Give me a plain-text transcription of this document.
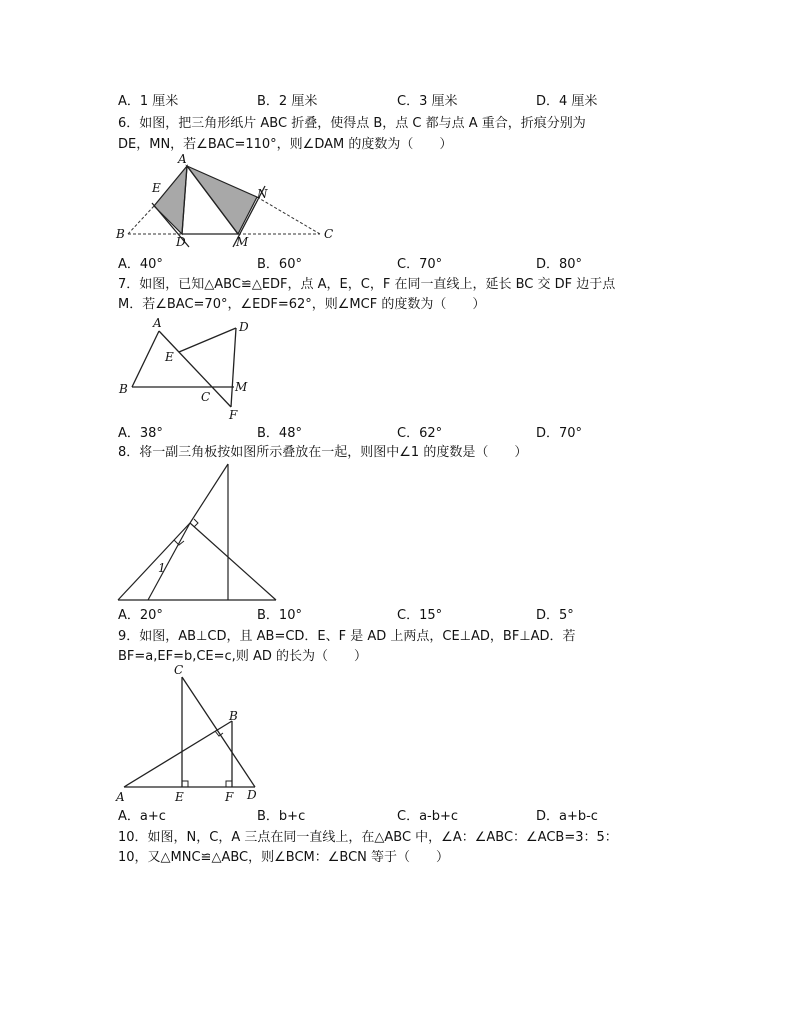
A．1 厘米	B．2 厘米	C．3 厘米	D．4 厘米
6．如图，把三角形纸片 ABC 折叠，使得点 B，点 C 都与点 A 重合，折痕分别为
DE，MN，若∠BAC=110°，则∠DAM 的度数为（　　）
A
E	N
B	C
D	M
A．40°	B．60°	C．70°	D．80°
7．如图，已知△ABC≌△EDF，点 A，E，C，F 在同一直线上，延长 BC 交 DF 边于点
M．若∠BAC=70°，∠EDF=62°，则∠MCF 的度数为（　　）
A	D
E
B	M
C
F
A．38°	B．48°	C．62°	D．70°
8．将一副三角板按如图所示叠放在一起，则图中∠1 的度数是（　　）
1
A．20°	B．10°	C．15°	D．5°
9．如图，AB⊥CD，且 AB=CD．E、F 是 AD 上两点，CE⊥AD，BF⊥AD．若
BF=a,EF=b,CE=c,则 AD 的长为（　　）
C
B
A	E	F D
A．a+c	B．b+c	C．a-b+c	D．a+b-c
10．如图，N，C，A 三点在同一直线上，在△ABC 中，∠A：∠ABC：∠ACB=3：5：
10，又△MNC≌△ABC，则∠BCM：∠BCN 等于（　　）
